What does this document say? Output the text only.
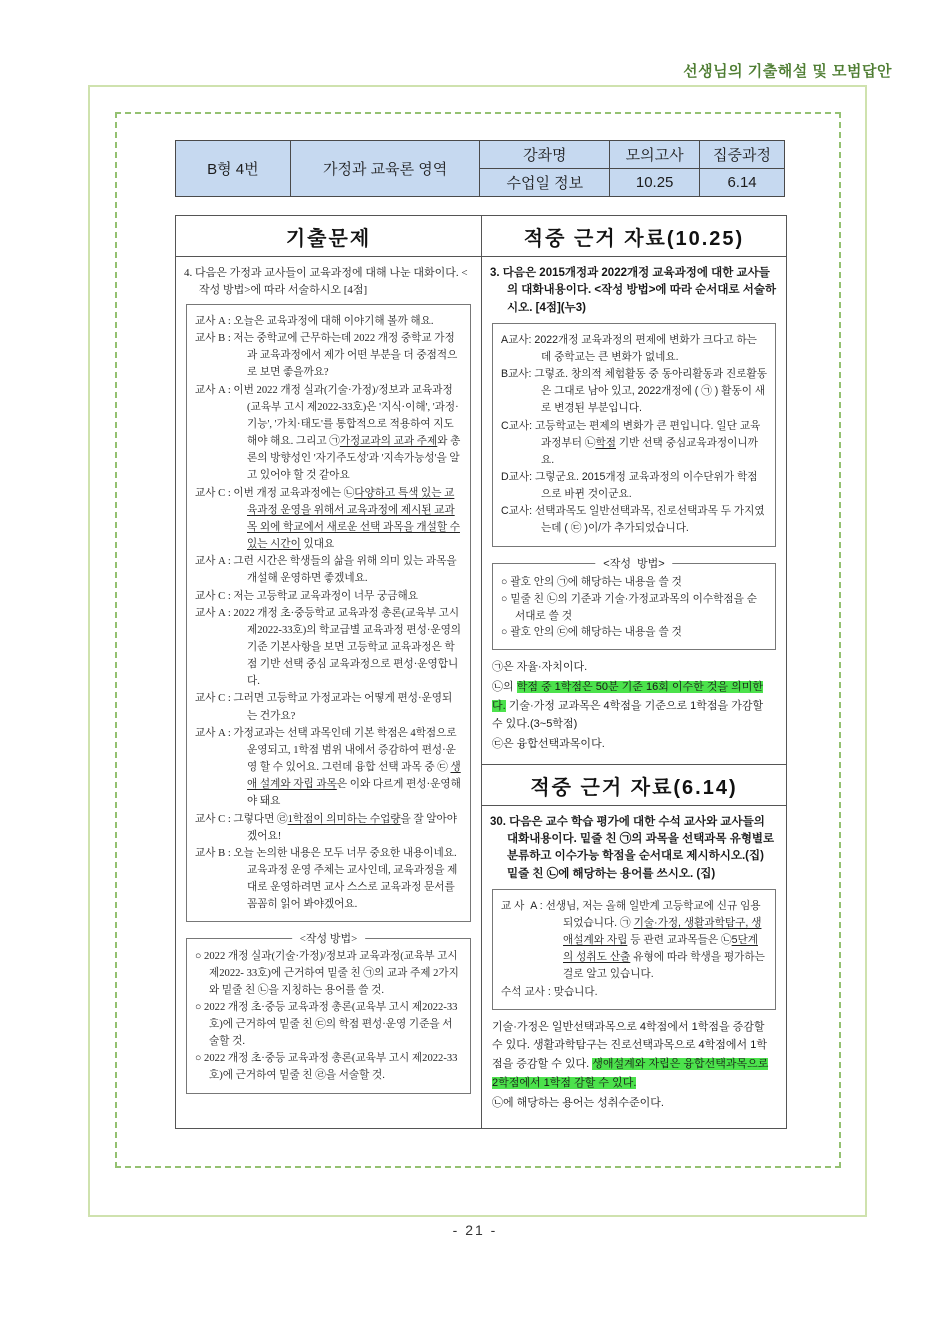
선생님의 기출해설 및 모범답안
B형 4번	가정과 교육론 영역	강좌명	모의고사	집중과정
		수업일 정보	10.25	6.14
기출문제

4. 다음은 가정과 교사들이 교육과정에 대해 나눈 대화이다. <작성 방법>에 따라 서술하시오 [4점]

교사 A : 오늘은 교육과정에 대해 이야기해 볼까 해요.
교사 B : 저는 중학교에 근무하는데 2022 개정 중학교 가정과 교육과정에서 제가 어떤 부분을 더 중점적으로 보면 좋을까요?
교사 A : 이번 2022 개정 실과(기술·가정)/정보과 교육과정(교육부 고시 제2022-33호)은 '지식·이해', '과정·기능', '가치·태도'를 통합적으로 적용하여 지도해야 해요. 그리고 ㉠가정교과의 교과 주제와 총론의 방향성인 '자기주도성'과 '지속가능성'을 알고 있어야 할 것 같아요
교사 C : 이번 개정 교육과정에는 ㉡다양하고 특색 있는 교육과정 운영을 위해서 교육과정에 제시된 교과목 외에 학교에서 새로운 선택 과목을 개설할 수 있는 시간이 있대요
교사 A : 그런 시간은 학생들의 삶을 위해 의미 있는 과목을 개설해 운영하면 좋겠네요.
교사 C : 저는 고등학교 교육과정이 너무 궁금해요
교사 A : 2022 개정 초·중등학교 교육과정 총론(교육부 고시 제2022-33호)의 학교급별 교육과정 편성·운영의 기준 기본사항을 보면 고등학교 교육과정은 학점 기반 선택 중심 교육과정으로 편성·운영합니다.
교사 C : 그러면 고등학교 가정교과는 어떻게 편성·운영되는 건가요?
교사 A : 가정교과는 선택 과목인데 기본 학점은 4학점으로 운영되고, 1학점 범위 내에서 증감하여 편성·운영 할 수 있어요. 그런데 융합 선택 과목 중 ㉢ 생애 설계와 자립 과목은 이와 다르게 편성·운영해야 돼요
교사 C : 그렇다면 ㉣1학점이 의미하는 수업량을 잘 알아야겠어요!
교사 B : 오늘 논의한 내용은 모두 너무 중요한 내용이네요. 교육과정 운영 주체는 교사인데, 교육과정을 제대로 운영하려면 교사 스스로 교육과정 문서를 꼼꼼히 읽어 봐야겠어요.
<작성 방법>
○ 2022 개정 실과(기술·가정)/정보과 교육과정(교육부 고시 제2022- 33호)에 근거하여 밑줄 친 ㉠의 교과 주제 2가지와 밑줄 친 ㉡을 지칭하는 용어를 쓸 것.
○ 2022 개정 초·중등 교육과정 총론(교육부 고시 제2022-33호)에 근거하여 밑줄 친 ㉢의 학점 편성·운영 기준을 서술할 것.
○ 2022 개정 초·중등 교육과정 총론(교육부 고시 제2022-33호)에 근거하여 밑줄 친 ㉣을 서술할 것.
적중 근거 자료(10.25)

3. 다음은 2015개정과 2022개정 교육과정에 대한 교사들의 대화내용이다. <작성 방법>에 따라 순서대로 서술하시오. [4점](누3)

A교사: 2022개정 교육과정의 편제에 변화가 크다고 하는데 중학교는 큰 변화가 없네요.
B교사: 그렇죠. 창의적 체험활동 중 동아리활동과 진로활동은 그대로 남아 있고, 2022개정에 ( ㉠ ) 활동이 새로 변경된 부분입니다.
C교사: 고등학교는 편제의 변화가 큰 편입니다. 일단 교육과정부터 ㉡학점 기반 선택 중심교육과정이니까요.
D교사: 그렇군요. 2015개정 교육과정의 이수단위가 학점으로 바뀐 것이군요.
C교사: 선택과목도 일반선택과목, 진로선택과목 두 가지였는데 ( ㉢ )이/가 추가되었습니다.
<작성  방법>
○ 괄호 안의 ㉠에 해당하는 내용을 쓸 것
○ 밑줄 친 ㉡의 기준과 기술·가정교과목의 이수학점을 순서대로 쓸 것
○ 괄호 안의 ㉢에 해당하는 내용을 쓸 것
㉠은 자율·자치이다.
㉡의 학점 중 1학점은 50분 기준 16회 이수한 것을 의미한다. 기술·가정 교과목은 4학점을 기준으로 1학점을 가감할 수 있다.(3~5학점)
㉢은 융합선택과목이다.
적중 근거 자료(6.14)

30. 다음은 교수 학습 평가에 대한 수석 교사와 교사들의 대화내용이다. 밑줄 친 ㉠의 과목을 선택과목 유형별로 분류하고 이수가능 학점을 순서대로 제시하시오.(집) 밑줄 친 ㉡에 해당하는 용어를 쓰시오. (집)

교 사  A : 선생님, 저는 올해 일반계 고등학교에 신규 임용되었습니다. ㉠ 기술·가정, 생활과학탐구, 생애설계와 자립 등 관련 교과목들은 ㉡5단계의 성취도 산출 유형에 따라 학생을 평가하는 걸로 알고 있습니다.
수석 교사 : 맞습니다.
기술·가정은 일반선택과목으로 4학점에서 1학점을 증감할 수 있다. 생활과학탐구는 진로선택과목으로 4학점에서 1학점을 증감할 수 있다. 생애설계와 자립은 융합선택과목으로 2학점에서 1학점 감할 수 있다.
㉡에 해당하는 용어는 성취수준이다.
- 21 -
